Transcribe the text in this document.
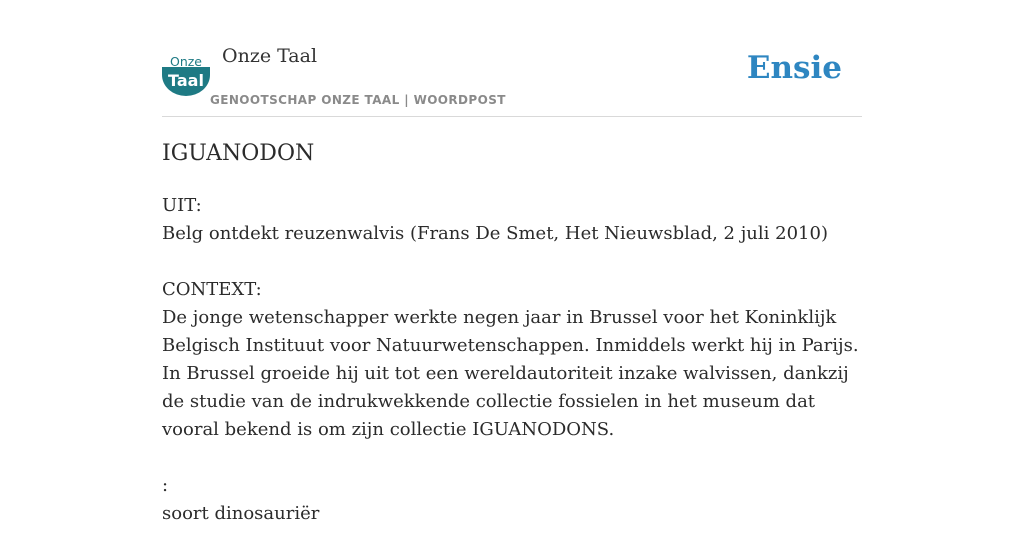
Onze
Taal
Onze Taal
GENOOTSCHAP ONZE TAAL | WOORDPOST
Ensie
IGUANODON

UIT:

Belg ontdekt reuzenwalvis (Frans De Smet, Het Nieuwsblad, 2 juli 2010)

CONTEXT:

De jonge wetenschapper werkte negen jaar in Brussel voor het Koninklijk Belgisch Instituut voor Natuurwetenschappen. Inmiddels werkt hij in Parijs. In Brussel groeide hij uit tot een wereldautoriteit inzake walvissen, dankzij de studie van de indrukwekkende collectie fossielen in het museum dat vooral bekend is om zijn collectie IGUANODONS.

:

soort dinosauriër
